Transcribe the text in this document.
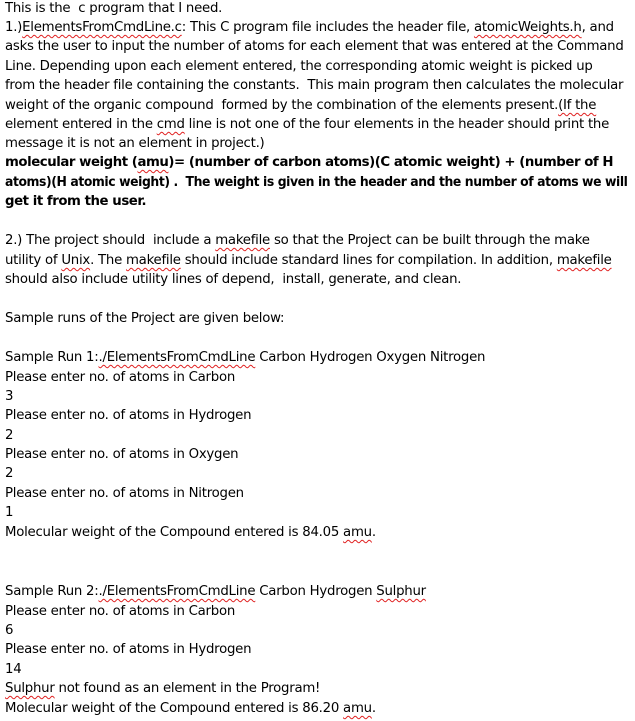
This is the  c program that I need.
1.)ElementsFromCmdLine.c: This C program file includes the header file, atomicWeights.h, and
asks the user to input the number of atoms for each element that was entered at the Command
Line. Depending upon each element entered, the corresponding atomic weight is picked up
from the header file containing the constants.  This main program then calculates the molecular
weight of the organic compound  formed by the combination of the elements present.(If the
element entered in the cmd line is not one of the four elements in the header should print the
message it is not an element in project.)
molecular weight (amu)= (number of carbon atoms)(C atomic weight) + (number of H
atoms)(H atomic weight) .  The weight is given in the header and the number of atoms we will
get it from the user.
2.) The project should  include a makefile so that the Project can be built through the make
utility of Unix. The makefile should include standard lines for compilation. In addition, makefile
should also include utility lines of depend,  install, generate, and clean.
Sample runs of the Project are given below:
Sample Run 1:./ElementsFromCmdLine Carbon Hydrogen Oxygen Nitrogen
Please enter no. of atoms in Carbon
3
Please enter no. of atoms in Hydrogen
2
Please enter no. of atoms in Oxygen
2
Please enter no. of atoms in Nitrogen
1
Molecular weight of the Compound entered is 84.05 amu.
Sample Run 2:./ElementsFromCmdLine Carbon Hydrogen Sulphur
Please enter no. of atoms in Carbon
6
Please enter no. of atoms in Hydrogen
14
Sulphur not found as an element in the Program!
Molecular weight of the Compound entered is 86.20 amu.
